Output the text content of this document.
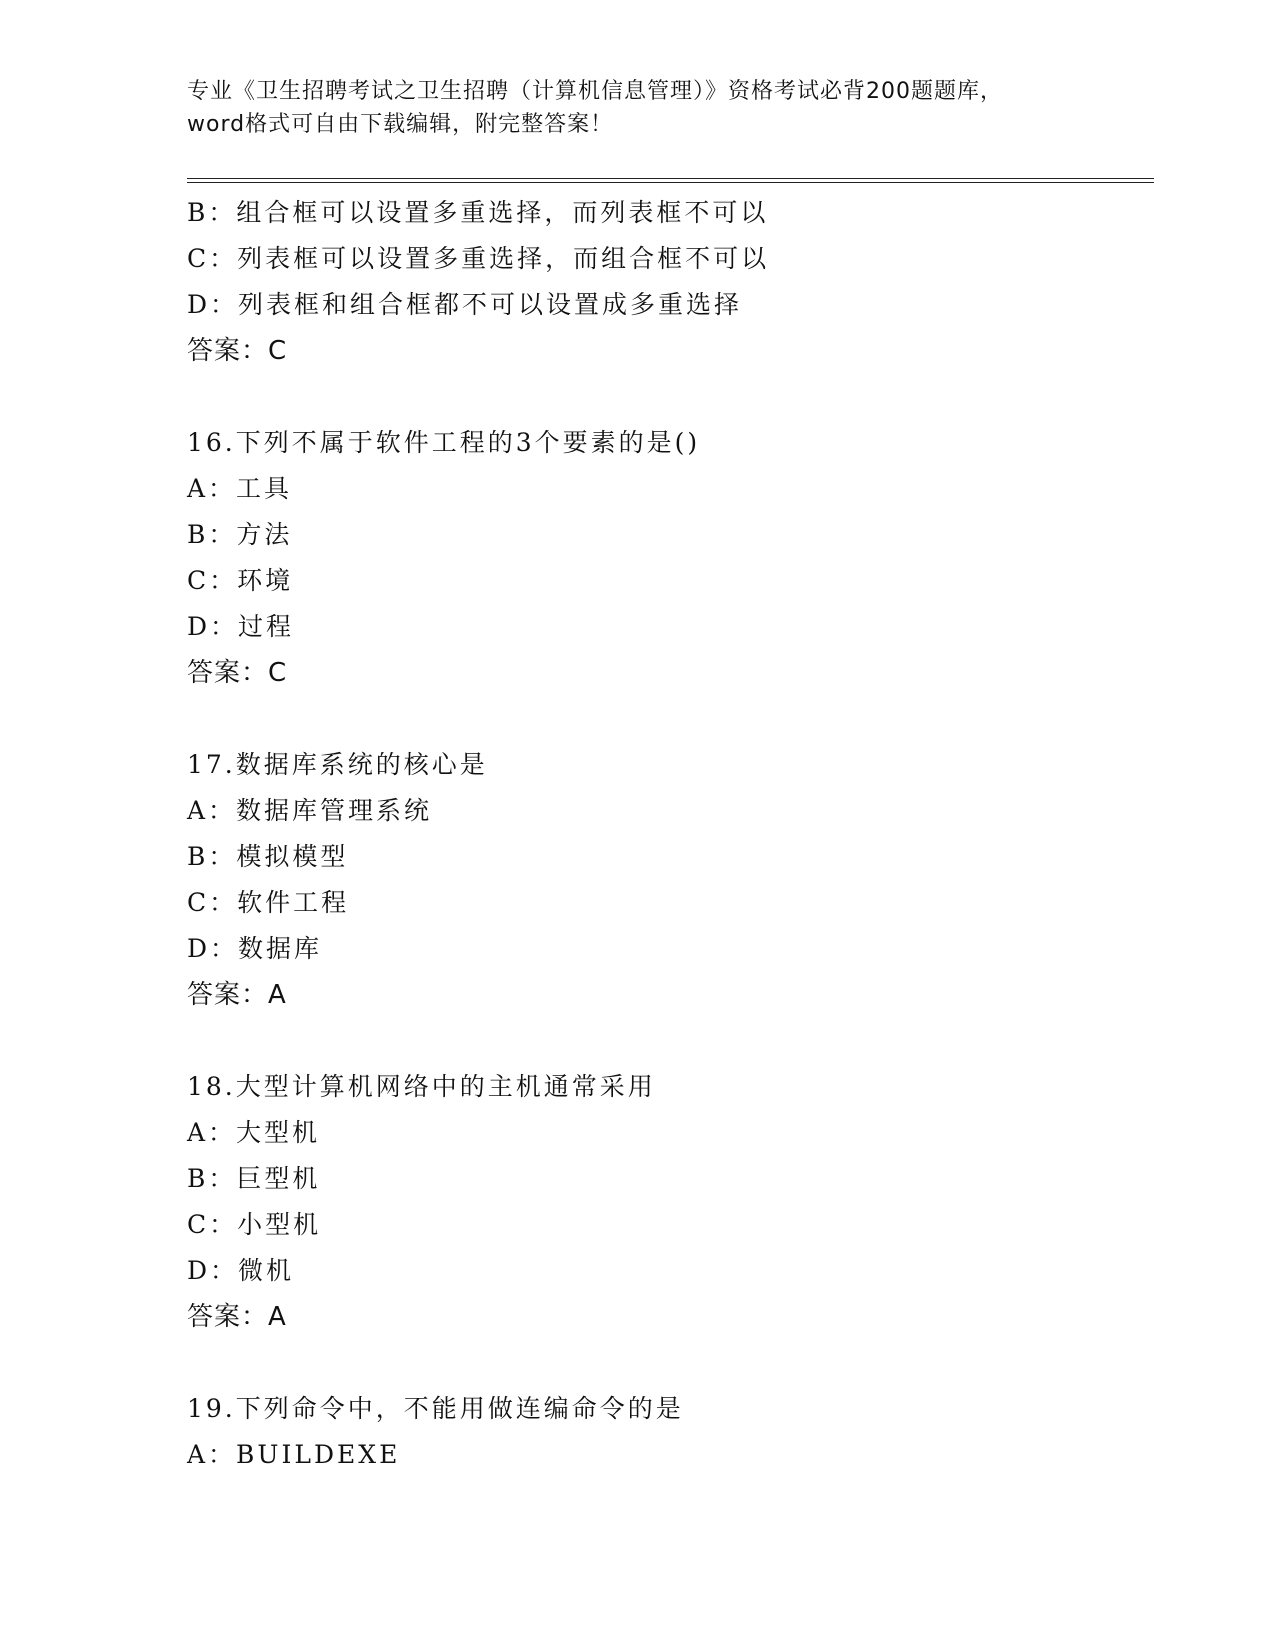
专业《卫生招聘考试之卫生招聘（计算机信息管理）》资格考试必背200题题库，
word格式可自由下载编辑，附完整答案！
B：组合框可以设置多重选择，而列表框不可以
C：列表框可以设置多重选择，而组合框不可以
D：列表框和组合框都不可以设置成多重选择
答案：C
16.下列不属于软件工程的3个要素的是()
A：工具
B：方法
C：环境
D：过程
答案：C
17.数据库系统的核心是
A：数据库管理系统
B：模拟模型
C：软件工程
D：数据库
答案：A
18.大型计算机网络中的主机通常采用
A：大型机
B：巨型机
C：小型机
D：微机
答案：A
19.下列命令中，不能用做连编命令的是
A：BUILDEXE
